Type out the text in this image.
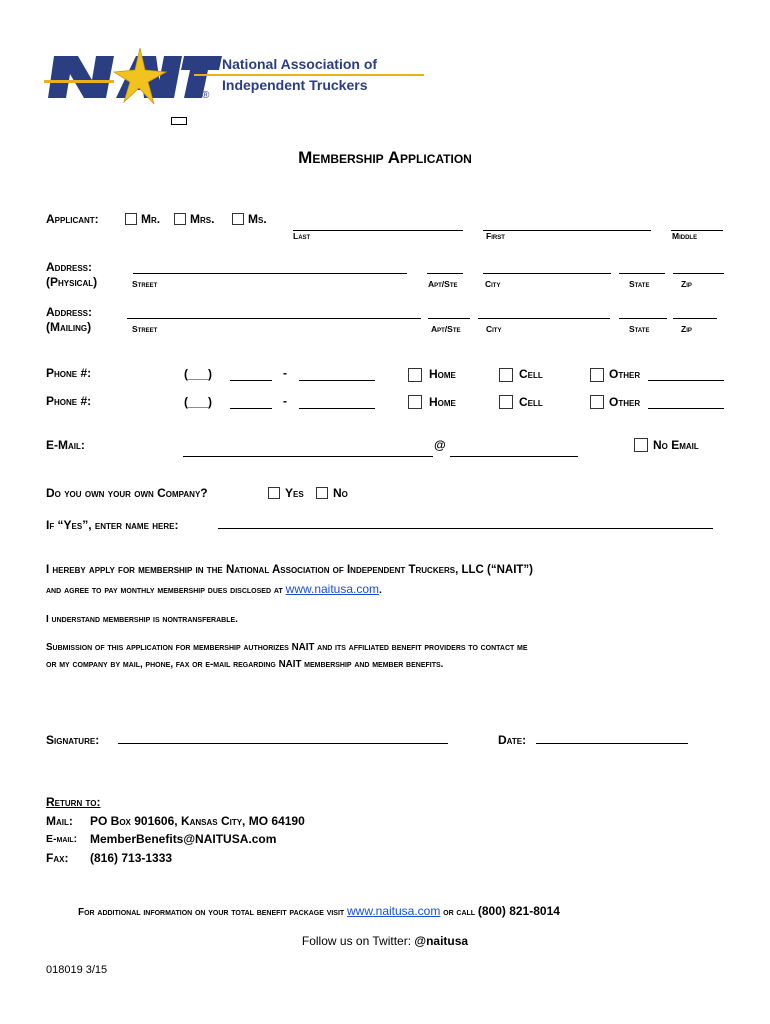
National Association of
Independent Truckers
®
Membership Application
Applicant:	Mr. Mrs.	Ms.
Last	First	Middle
Address:
(Physical)	Street	Apt/Ste	City	State	Zip
Address:
(Mailing)	Street	Apt/Ste	City	State	Zip
Phone #:	(___)	-	Home	Cell	Other
Phone #:	(___)	-	Home	Cell	Other
E-Mail:	@	No Email
Do you own your own Company?	Yes No
If “Yes”, enter name here:
I hereby apply for membership in the National Association of Independent Truckers, LLC (“NAIT”)
and agree to pay monthly membership dues disclosed at www.naitusa.com.
I understand membership is nontransferable.
Submission of this application for membership authorizes NAIT and its affiliated benefit providers to contact me
or my company by mail, phone, fax or e-mail regarding NAIT membership and member benefits.
Signature:	Date:
Return to:
Mail: PO Box 901606, Kansas City, MO 64190
E-mail: MemberBenefits@NAITUSA.com
Fax: (816) 713-1333
For additional information on your total benefit package visit www.naitusa.com or call (800) 821-8014
Follow us on Twitter: @naitusa
018019 3/15
